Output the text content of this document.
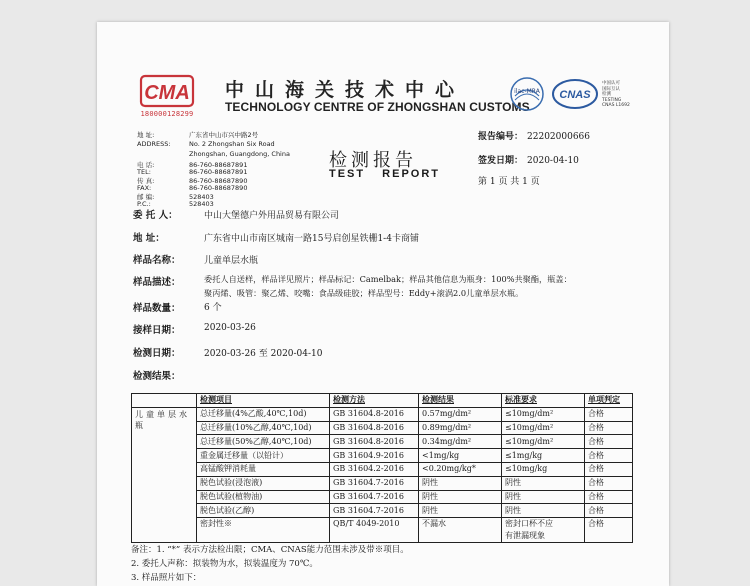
CMA
180000128299
中山海关技术中心
TECHNOLOGY CENTRE OF ZHONGSHAN CUSTOMS
ilac-MRA CNAS
中国认可
国际互认
检测
TESTING
CNAS L1692
地 址:	广东省中山市兴中路2号
ADDRESS:	No. 2 Zhongshan Six Road
Zhongshan, Guangdong, China
电 话:	86-760-88687891
TEL:	86-760-88687891
传 真:	86-760-88687890
FAX:	86-760-88687890
邮 编:	528403
P.C.:	528403
检测报告
TEST REPORT
报告编号： 22202000666
签发日期： 2020-04-10
第 1 页 共 1 页
委 托 人：	中山大堡德户外用品贸易有限公司
地 址：	广东省中山市南区城南一路15号启创星铁栅1-4卡商铺
样品名称：	儿童单层水瓶
样品描述：	委托人自送样，样品详见照片；样品标记：Camelbak；样品其他信息为瓶身：100%共聚酯，瓶盖：
聚丙烯、吸管：聚乙烯、咬嘴：食品级硅胶；样品型号：Eddy+滚涡2.0儿童单层水瓶。
样品数量：	6 个
接样日期：	2020-03-26
检测日期：	2020-03-26 至 2020-04-10
检测结果：
	检测项目	检测方法	检测结果	标准要求	单项判定
儿童单层水瓶	总迁移量(4%乙酸,40℃,10d)	GB 31604.8-2016	0.57mg/dm²	≤10mg/dm²	合格
	总迁移量(10%乙醇,40℃,10d)	GB 31604.8-2016	0.89mg/dm²	≤10mg/dm²	合格
	总迁移量(50%乙醇,40℃,10d)	GB 31604.8-2016	0.34mg/dm²	≤10mg/dm²	合格
	重金属迁移量（以铅计）	GB 31604.9-2016	<1mg/kg	≤1mg/kg	合格
	高锰酸钾消耗量	GB 31604.2-2016	<0.20mg/kg*	≤10mg/kg	合格
	脱色试验(浸泡液)	GB 31604.7-2016	阴性	阴性	合格
	脱色试验(植物油)	GB 31604.7-2016	阴性	阴性	合格
	脱色试验(乙醇)	GB 31604.7-2016	阴性	阴性	合格
	密封性※	QB/T 4049-2010	不漏水	密封口杯不应
有泄漏现象	合格
备注：1. “*” 表示方法检出限；CMA、CNAS能力范围未涉及带※项目。
2. 委托人声称：拟装物为水，拟装温度为 70℃。
3. 样品照片如下：
